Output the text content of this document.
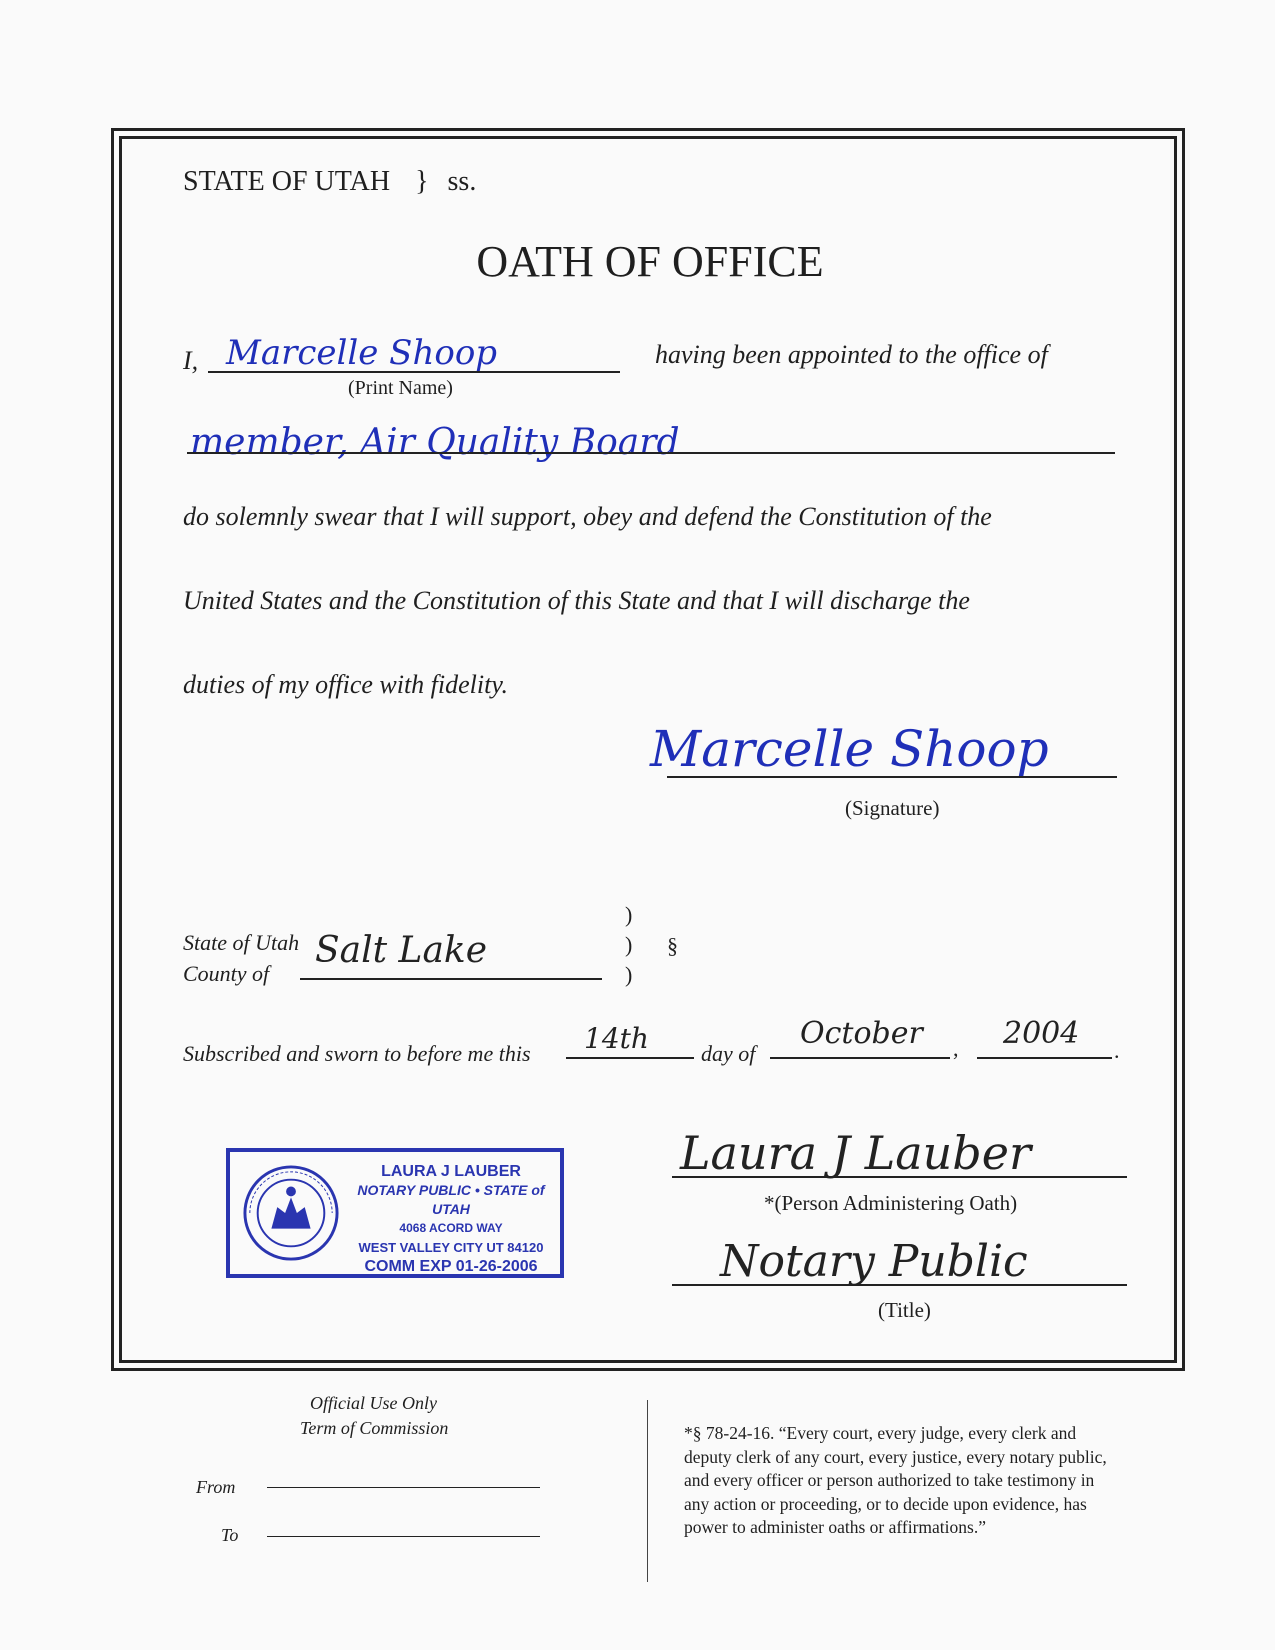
STATE OF UTAH } ss.
OATH OF OFFICE
I, Marcelle Shoop
(Print Name)
having been appointed to the office of
member, Air Quality Board
do solemnly swear that I will support, obey and defend the Constitution of the
United States and the Constitution of this State and that I will discharge the
duties of my office with fidelity.
Marcelle Shoop
(Signature)
State of Utah
County of
Salt Lake
)
)
)
§
Subscribed and sworn to before me this 14th day of
October , 2004 .
LAURA J LAUBER
NOTARY PUBLIC • STATE of UTAH
4068 ACORD WAY
WEST VALLEY CITY UT 84120
COMM EXP 01-26-2006
Laura J Lauber
*(Person Administering Oath)
Notary Public
(Title)
Official Use Only
Term of Commission
From
To
*§ 78-24-16. “Every court, every judge, every clerk and
deputy clerk of any court, every justice, every notary public,
and every officer or person authorized to take testimony in
any action or proceeding, or to decide upon evidence, has
power to administer oaths or affirmations.”
